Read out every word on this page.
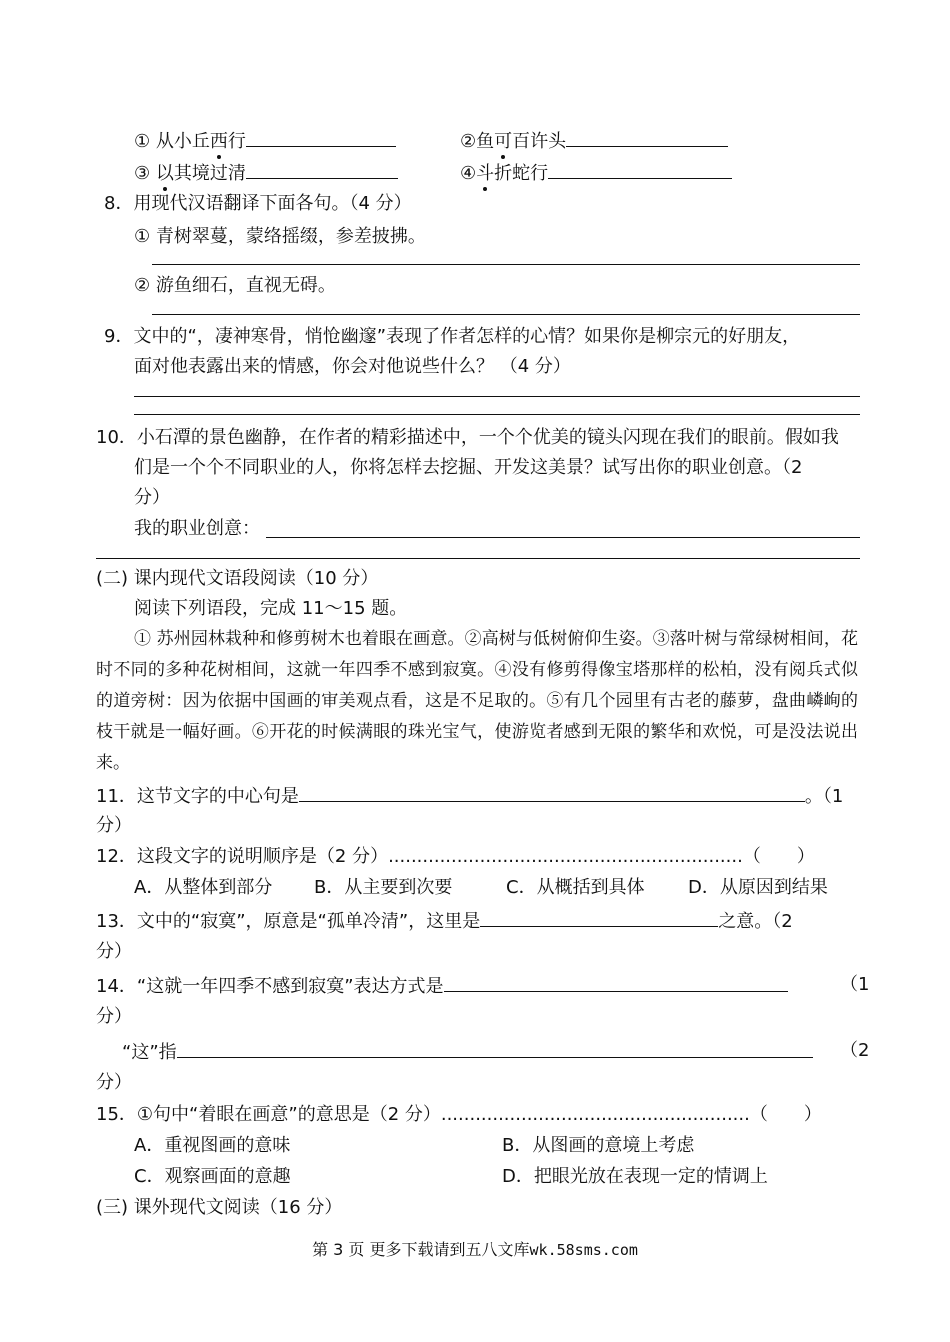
① 从小丘西行	②鱼可百许头
③ 以其境过清	④斗折蛇行
8．用现代汉语翻译下面各句。（4 分）
① 青树翠蔓，蒙络摇缀，参差披拂。
② 游鱼细石，直视无碍。
9．文中的“，凄神寒骨，悄怆幽邃”表现了作者怎样的心情？如果你是柳宗元的好朋友，
面对他表露出来的情感，你会对他说些什么？ （4 分）
10．小石潭的景色幽静，在作者的精彩描述中，一个个优美的镜头闪现在我们的眼前。假如我
们是一个个不同职业的人，你将怎样去挖掘、开发这美景？试写出你的职业创意。（2
分）
我的职业创意：
(二) 课内现代文语段阅读（10 分）
阅读下列语段，完成 11～15 题。
① 苏州园林栽种和修剪树木也着眼在画意。②高树与低树俯仰生姿。③落叶树与常绿树相间，花时不同的多种花树相间，这就一年四季不感到寂寞。④没有修剪得像宝塔那样的松柏，没有阅兵式似的道旁树：因为依据中国画的审美观点看，这是不足取的。⑤有几个园里有古老的藤萝，盘曲嶙峋的枝干就是一幅好画。⑥开花的时候满眼的珠光宝气，使游览者感到无限的繁华和欢悦，可是没法说出来。
11．这节文字的中心句是	。（1
分）
12．这段文字的说明顺序是（2 分）..............................................................（　　）
A．从整体到部分 B．从主要到次要	C．从概括到具体 D．从原因到结果
13．文中的“寂寞”，原意是“孤单冷清”，这里是	之意。（2
分）
14．“这就一年四季不感到寂寞”表达方式是	（1
分）
“这”指	（2
分）
15．①句中“着眼在画意”的意思是（2 分）......................................................（　　）
A．重视图画的意味	B．从图画的意境上考虑
C．观察画面的意趣	D．把眼光放在表现一定的情调上
(三) 课外现代文阅读（16 分）
第 3 页 更多下载请到五八文库wk.58sms.com
